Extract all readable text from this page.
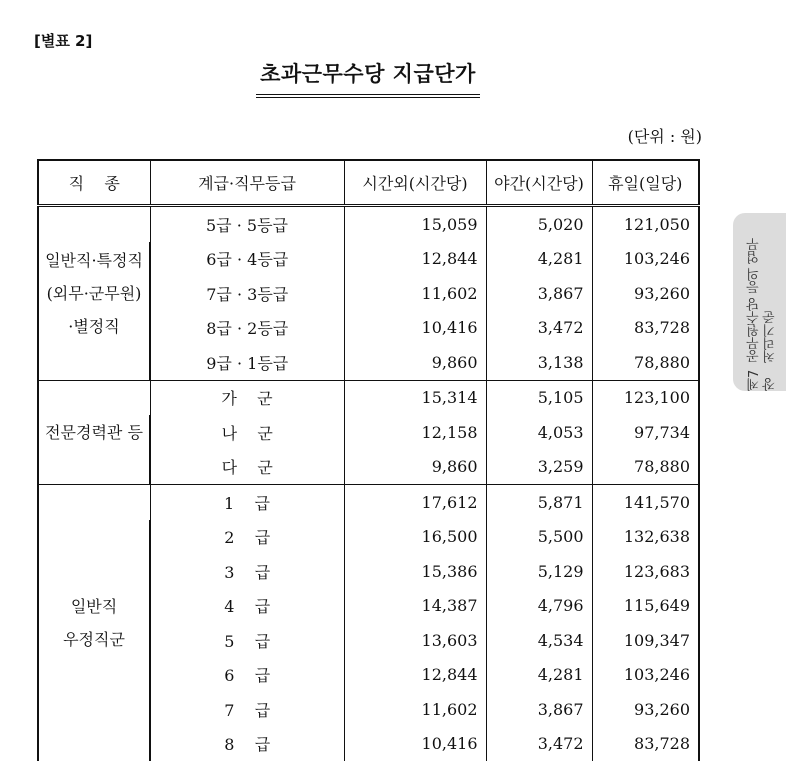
[별표 2]
초과근무수당 지급단가
(단위 : 원)
제7장
공무원수당 등의 업무 처리기준
직    종	계급·직무등급	시간외(시간당)	야간(시간당)	휴일(일당)
일반직·특정직
(외무·군무원)
·별정직	5급 · 5등급	15,059	5,020	121,050
	6급 · 4등급	12,844	4,281	103,246
	7급 · 3등급	11,602	3,867	93,260
	8급 · 2등급	10,416	3,472	83,728
	9급 · 1등급	9,860	3,138	78,880
전문경력관 등	가    군	15,314	5,105	123,100
	나    군	12,158	4,053	97,734
	다    군	9,860	3,259	78,880
일반직
우정직군	1    급	17,612	5,871	141,570
	2    급	16,500	5,500	132,638
	3    급	15,386	5,129	123,683
	4    급	14,387	4,796	115,649
	5    급	13,603	4,534	109,347
	6    급	12,844	4,281	103,246
	7    급	11,602	3,867	93,260
	8    급	10,416	3,472	83,728
